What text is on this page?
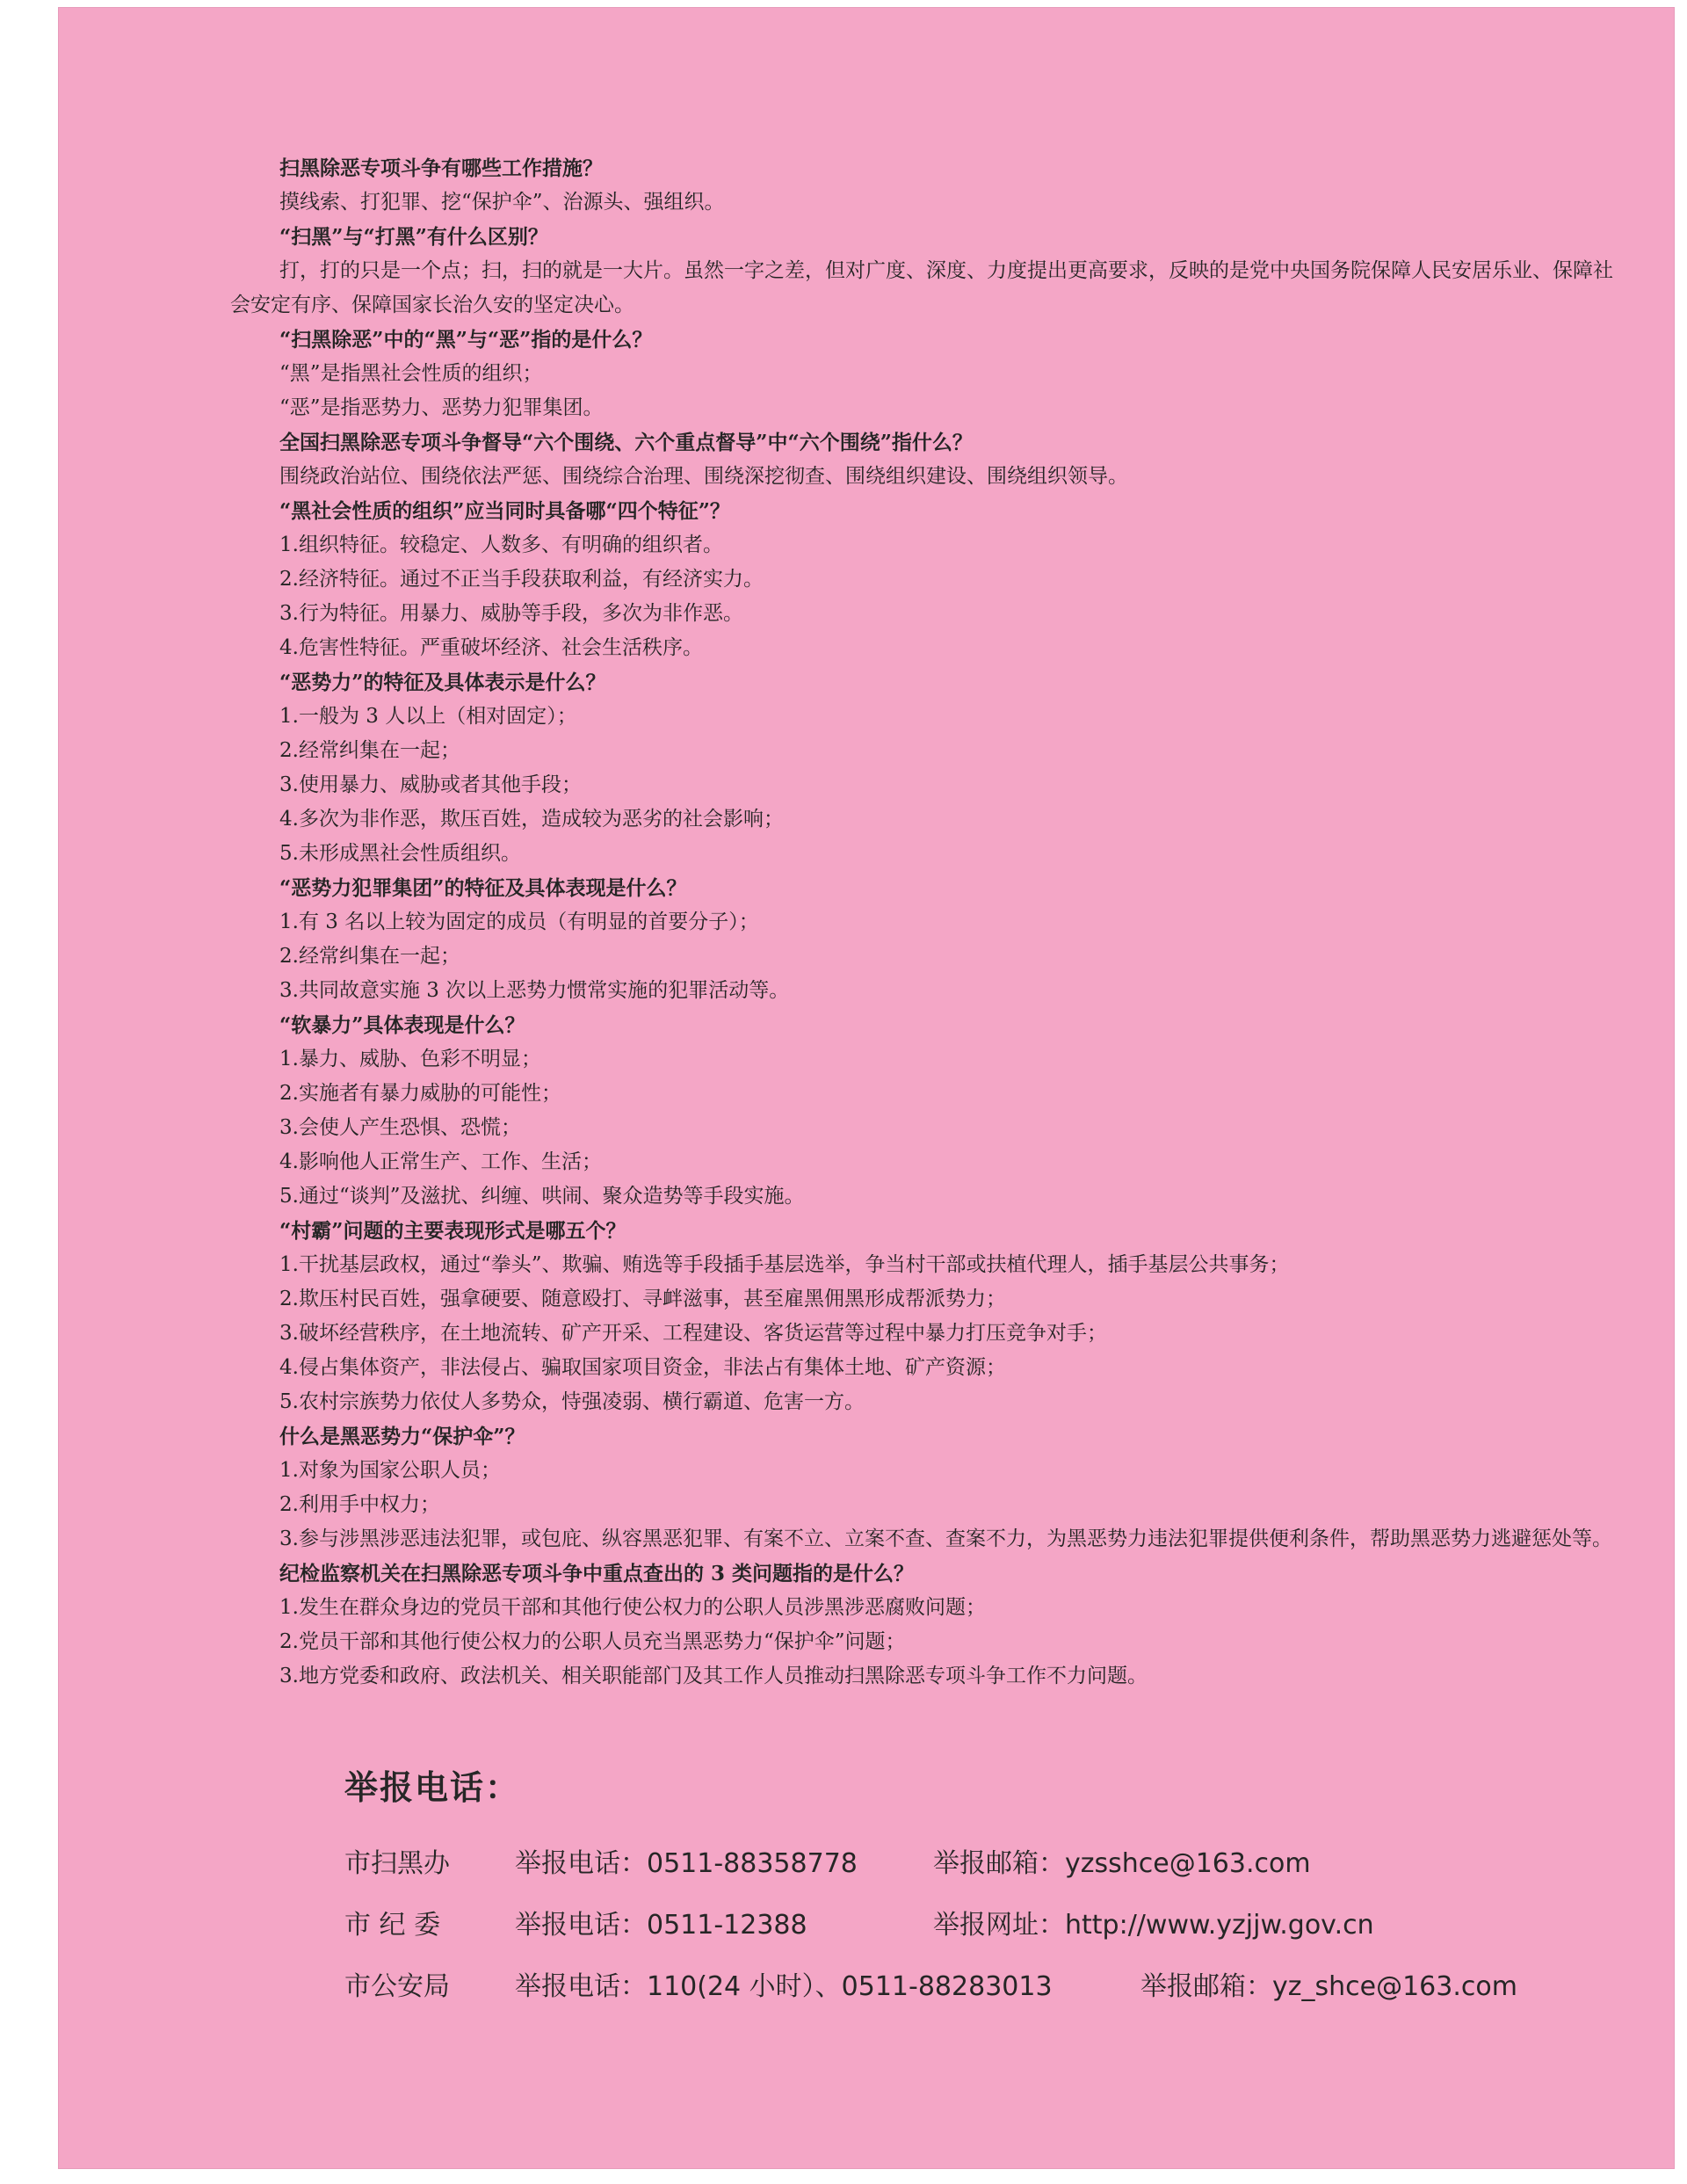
扫黑除恶专项斗争有哪些工作措施？

摸线索、打犯罪、挖“保护伞”、治源头、强组织。

“扫黑”与“打黑”有什么区别？

打，打的只是一个点；扫，扫的就是一大片。虽然一字之差，但对广度、深度、力度提出更高要求，反映的是党中央国务院保障人民安居乐业、保障社会安定有序、保障国家长治久安的坚定决心。

“扫黑除恶”中的“黑”与“恶”指的是什么？

“黑”是指黑社会性质的组织；

“恶”是指恶势力、恶势力犯罪集团。

全国扫黑除恶专项斗争督导“六个围绕、六个重点督导”中“六个围绕”指什么？

围绕政治站位、围绕依法严惩、围绕综合治理、围绕深挖彻查、围绕组织建设、围绕组织领导。

“黑社会性质的组织”应当同时具备哪“四个特征”？

1.组织特征。较稳定、人数多、有明确的组织者。

2.经济特征。通过不正当手段获取利益，有经济实力。

3.行为特征。用暴力、威胁等手段，多次为非作恶。

4.危害性特征。严重破坏经济、社会生活秩序。

“恶势力”的特征及具体表示是什么？

1.一般为 3 人以上（相对固定）；

2.经常纠集在一起；

3.使用暴力、威胁或者其他手段；

4.多次为非作恶，欺压百姓，造成较为恶劣的社会影响；

5.未形成黑社会性质组织。

“恶势力犯罪集团”的特征及具体表现是什么？

1.有 3 名以上较为固定的成员（有明显的首要分子）；

2.经常纠集在一起；

3.共同故意实施 3 次以上恶势力惯常实施的犯罪活动等。

“软暴力”具体表现是什么？

1.暴力、威胁、色彩不明显；

2.实施者有暴力威胁的可能性；

3.会使人产生恐惧、恐慌；

4.影响他人正常生产、工作、生活；

5.通过“谈判”及滋扰、纠缠、哄闹、聚众造势等手段实施。

“村霸”问题的主要表现形式是哪五个？

1.干扰基层政权，通过“拳头”、欺骗、贿选等手段插手基层选举，争当村干部或扶植代理人，插手基层公共事务；

2.欺压村民百姓，强拿硬要、随意殴打、寻衅滋事，甚至雇黑佣黑形成帮派势力；

3.破坏经营秩序，在土地流转、矿产开采、工程建设、客货运营等过程中暴力打压竞争对手；

4.侵占集体资产，非法侵占、骗取国家项目资金，非法占有集体土地、矿产资源；

5.农村宗族势力依仗人多势众，恃强凌弱、横行霸道、危害一方。

什么是黑恶势力“保护伞”？

1.对象为国家公职人员；

2.利用手中权力；

3.参与涉黑涉恶违法犯罪，或包庇、纵容黑恶犯罪、有案不立、立案不查、查案不力，为黑恶势力违法犯罪提供便利条件，帮助黑恶势力逃避惩处等。

纪检监察机关在扫黑除恶专项斗争中重点查出的 3 类问题指的是什么？

1.发生在群众身边的党员干部和其他行使公权力的公职人员涉黑涉恶腐败问题；

2.党员干部和其他行使公权力的公职人员充当黑恶势力“保护伞”问题；

3.地方党委和政府、政法机关、相关职能部门及其工作人员推动扫黑除恶专项斗争工作不力问题。

举报电话：
市扫黑办 举报电话：0511-88358778	举报邮箱：yzsshce@163.com
市 纪 委	举报电话：0511-12388	举报网址：http://www.yzjjw.gov.cn
市公安局 举报电话：110(24 小时）、0511-88283013	举报邮箱：yz_shce@163.com
